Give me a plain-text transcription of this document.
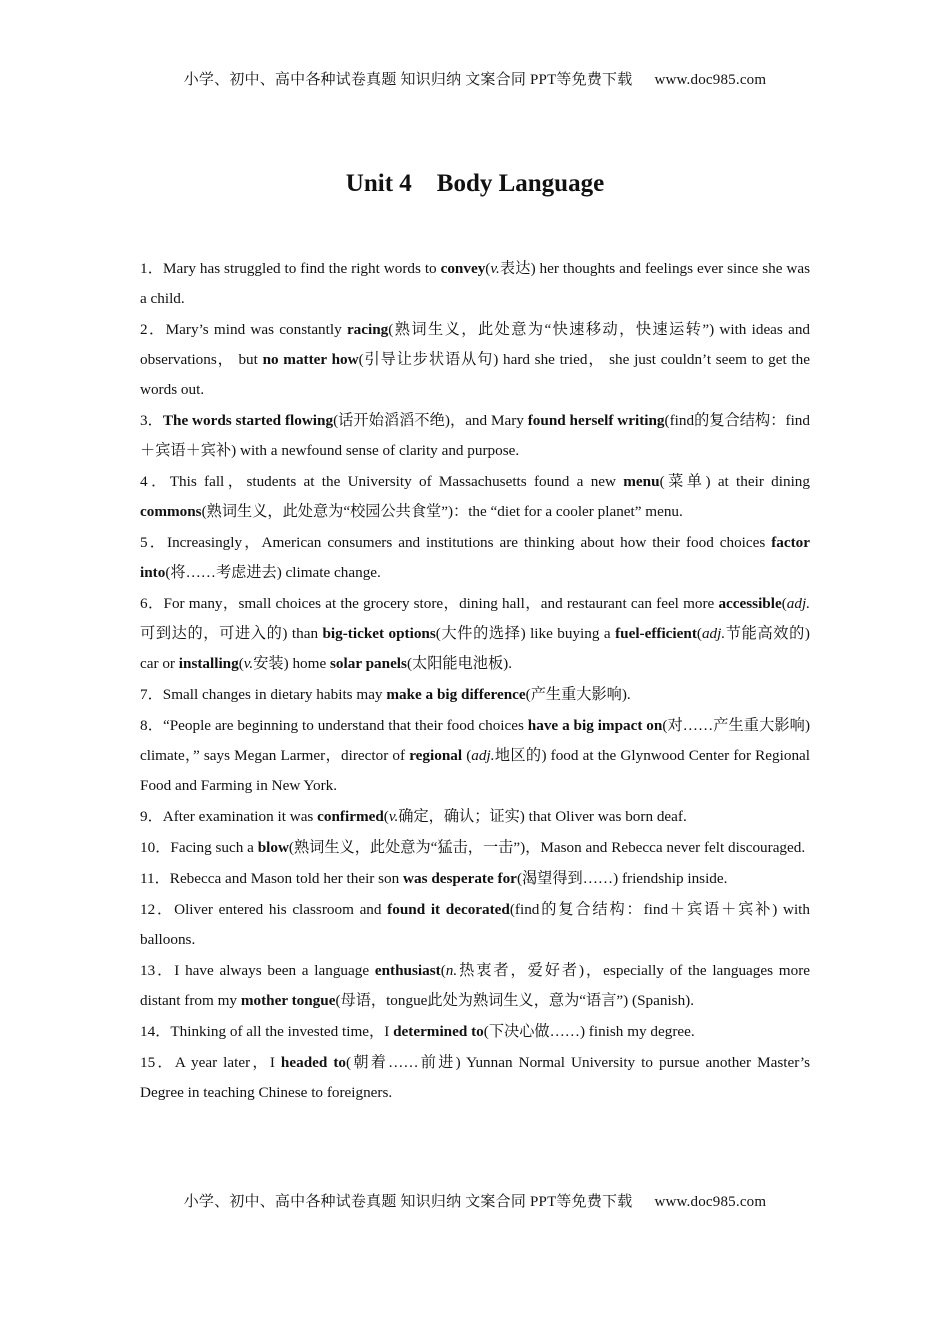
小学、初中、高中各种试卷真题 知识归纳 文案合同 PPT等免费下载 www.doc985.com
Unit 4    Body Language

1．Mary has struggled to find the right words to convey(v.表达) her thoughts and feelings ever since she was a child.

2．Mary’s mind was constantly racing(熟词生义，此处意为“快速移动，快速运转”) with ideas and observations， but no matter how(引导让步状语从句) hard she tried， she just couldn’t seem to get the words out.

3．The words started flowing(话开始滔滔不绝)，and Mary found herself writing(find的复合结构：find＋宾语＋宾补) with a newfound sense of clarity and purpose.

4．This fall，students at the University of Massachusetts found a new menu(菜单) at their dining commons(熟词生义，此处意为“校园公共食堂”)：the “diet for a cooler planet” menu.

5．Increasingly，American consumers and institutions are thinking about how their food choices factor into(将……考虑进去) climate change.

6．For many，small choices at the grocery store，dining hall，and restaurant can feel more accessible(adj.可到达的，可进入的) than big-ticket options(大件的选择) like buying a fuel-efficient(adj.节能高效的) car or installing(v.安装) home solar panels(太阳能电池板).

7．Small changes in dietary habits may make a big difference(产生重大影响).

8．“People are beginning to understand that their food choices have a big impact on(对……产生重大影响) climate，” says Megan Larmer，director of regional (adj.地区的) food at the Glynwood Center for Regional Food and Farming in New York.

9．After examination it was confirmed(v.确定，确认；证实) that Oliver was born deaf.

10．Facing such a blow(熟词生义，此处意为“猛击，一击”)，Mason and Rebecca never felt discouraged.

11．Rebecca and Mason told her their son was desperate for(渴望得到……) friendship inside.

12．Oliver entered his classroom and found it decorated(find的复合结构：find＋宾语＋宾补) with balloons.

13．I have always been a language enthusiast(n.热衷者，爱好者)，especially of the languages more distant from my mother tongue(母语，tongue此处为熟词生义，意为“语言”) (Spanish).

14．Thinking of all the invested time，I determined to(下决心做……) finish my degree.

15．A year later，I headed to(朝着……前进) Yunnan Normal University to pursue another Master’s Degree in teaching Chinese to foreigners.

小学、初中、高中各种试卷真题 知识归纳 文案合同 PPT等免费下载 www.doc985.com
